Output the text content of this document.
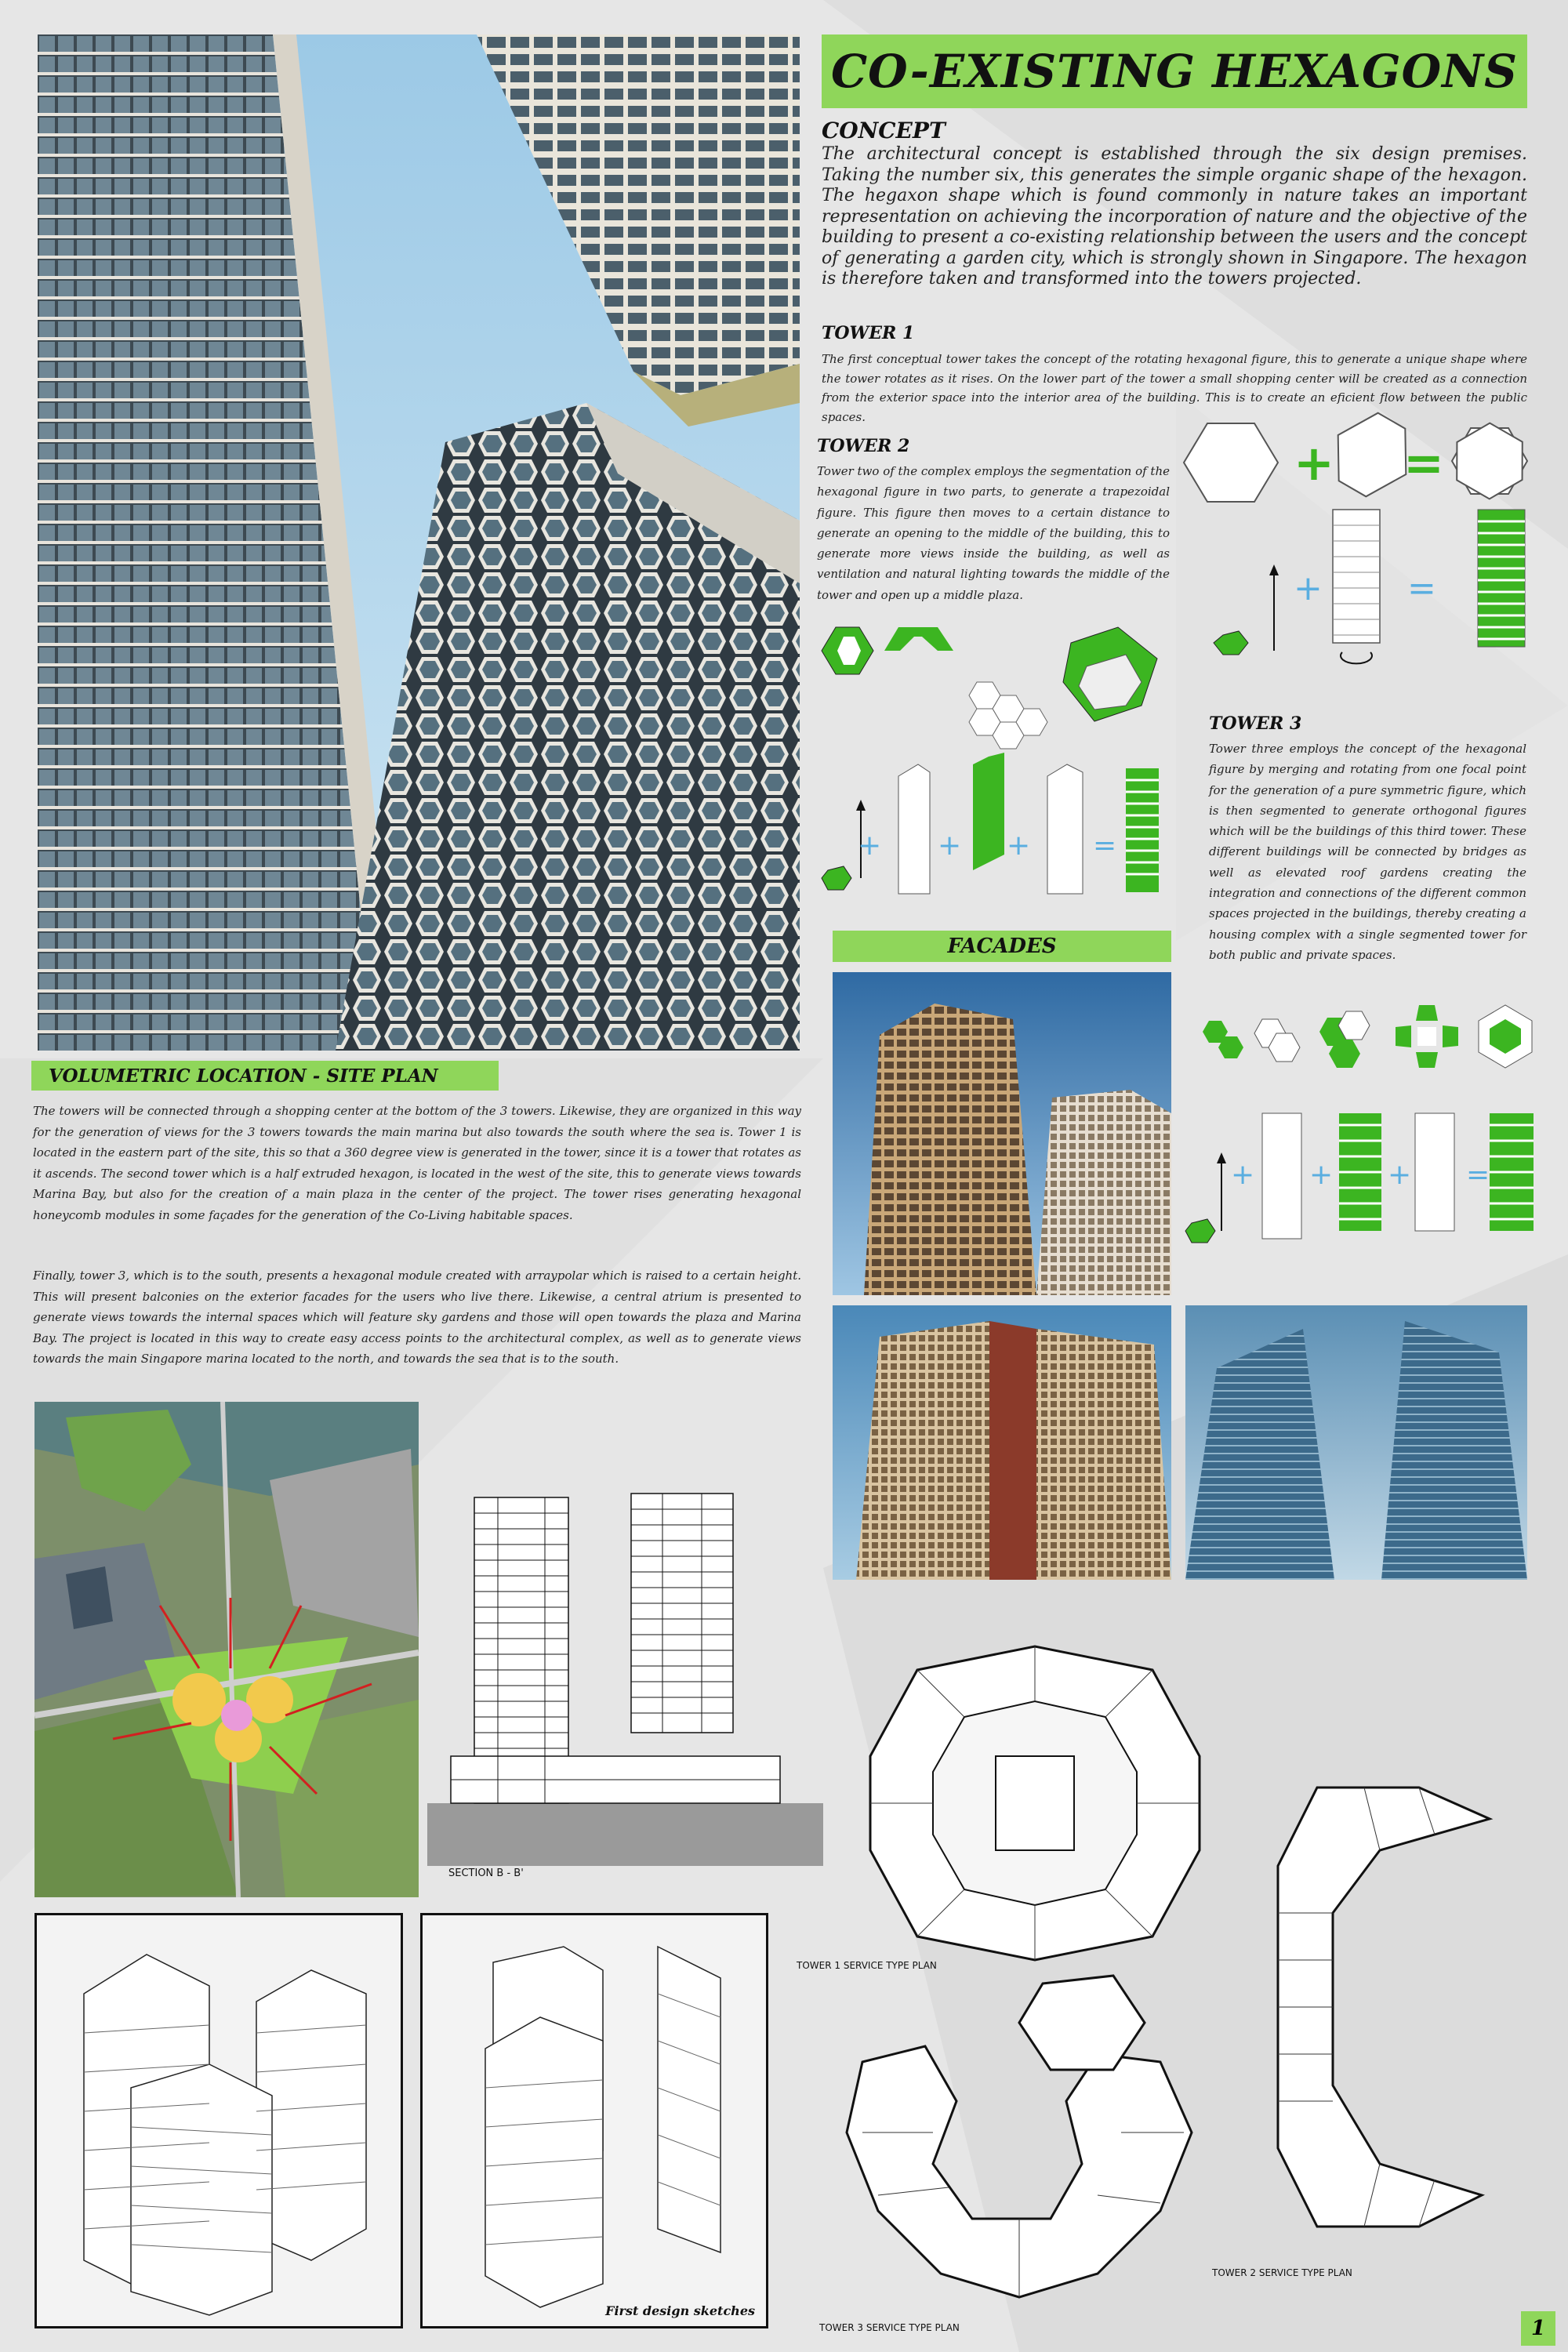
CO-EXISTING HEXAGONS
CONCEPT
The architectural concept is established through the six design premises. Taking the number six, this generates the simple organic shape of the hexagon. The hegaxon shape which is found commonly in nature takes an important representation on achieving the incorporation of nature and the objective of the building to present a co-existing relationship between the users and the concept of generating a garden city, which is strongly shown in Singapore. The hexagon is therefore taken and transformed into the towers projected.
TOWER 1
The first conceptual tower takes the concept of the rotating hexagonal figure, this to generate a unique shape where the tower rotates as it rises. On the lower part of the tower a small shopping center will be created as a connection from the exterior space into the interior area of the building. This is to create an eficient flow between the public spaces.
TOWER 2
Tower two of the complex employs the segmentation of the hexagonal figure in two parts, to generate a trapezoidal figure. This figure then moves to a certain distance to generate an opening to the middle of the building, this to generate more views inside the building, as well as ventilation and natural lighting towards the middle of the tower and open up a middle plaza.
+ =
+ =
+ + + =
TOWER 3
Tower three employs the concept of the hexagonal figure by merging and rotating from one focal point for the generation of a pure symmetric figure, which is then segmented to generate orthogonal figures which will be the buildings of this third tower. These different buildings will be connected by bridges as well as elevated roof gardens creating the integration and connections of the different common spaces projected in the buildings, thereby creating a housing complex with a single segmented tower for both public and private spaces.
+ + + =
FACADES
VOLUMETRIC LOCATION - SITE PLAN
The towers will be connected through a shopping center at the bottom of the 3 towers. Likewise, they are organized in this way for the generation of views for the 3 towers towards the main marina but also towards the south where the sea is. Tower 1 is located in the eastern part of the site, this so that a 360 degree view is generated in the tower, since it is a tower that rotates as it ascends. The second tower which is a half extruded hexagon, is located in the west of the site, this to generate views towards Marina Bay, but also for the creation of a main plaza in the center of the project. The tower rises generating hexagonal honeycomb modules in some façades for the generation of the Co-Living habitable spaces.
Finally, tower 3, which is to the south, presents a hexagonal module created with arraypolar which is raised to a certain height. This will present balconies on the exterior facades for the users who live there. Likewise, a central atrium is presented to generate views towards the internal spaces which will feature sky gardens and those will open towards the plaza and Marina Bay. The project is located in this way to create easy access points to the architectural complex, as well as to generate views towards the main Singapore marina located to the north, and towards the sea that is to the south.
SECTION B - B'
TOWER 1 SERVICE TYPE PLAN
TOWER 2 SERVICE TYPE PLAN
TOWER 3 SERVICE TYPE PLAN
First design sketches
1
